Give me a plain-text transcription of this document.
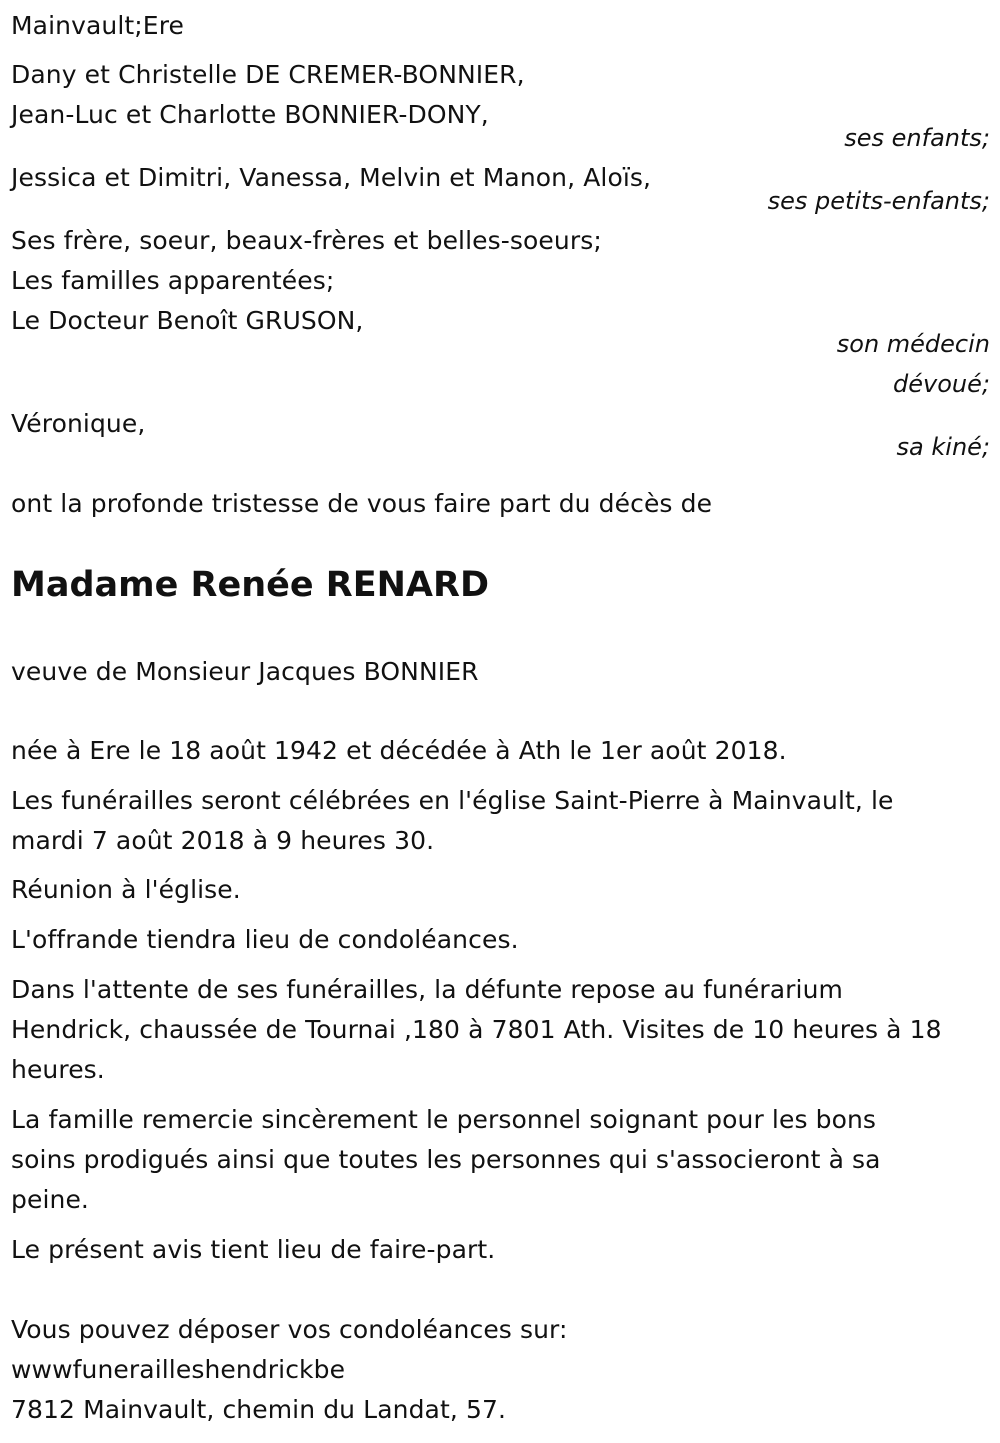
Mainvault;Ere
Dany et Christelle DE CREMER-BONNIER,
Jean-Luc et Charlotte BONNIER-DONY,
ses enfants;
Jessica et Dimitri, Vanessa, Melvin et Manon, Aloïs,
ses petits-enfants;
Ses frère, soeur, beaux-frères et belles-soeurs;
Les familles apparentées;
Le Docteur Benoît GRUSON,
son médecin
dévoué;
Véronique,
sa kiné;
ont la profonde tristesse de vous faire part du décès de
Madame Renée RENARD
veuve de Monsieur Jacques BONNIER
née à Ere le 18 août 1942 et décédée à Ath le 1er août 2018.
Les funérailles seront célébrées en l'église Saint-Pierre à Mainvault, le
mardi 7 août 2018 à 9 heures 30.
Réunion à l'église.
L'offrande tiendra lieu de condoléances.
Dans l'attente de ses funérailles, la défunte repose au funérarium
Hendrick, chaussée de Tournai ,180 à 7801 Ath. Visites de 10 heures à 18
heures.
La famille remercie sincèrement le personnel soignant pour les bons
soins prodigués ainsi que toutes les personnes qui s'associeront à sa
peine.
Le présent avis tient lieu de faire-part.
Vous pouvez déposer vos condoléances sur:
wwwfunerailleshendrickbe
7812 Mainvault, chemin du Landat, 57.
